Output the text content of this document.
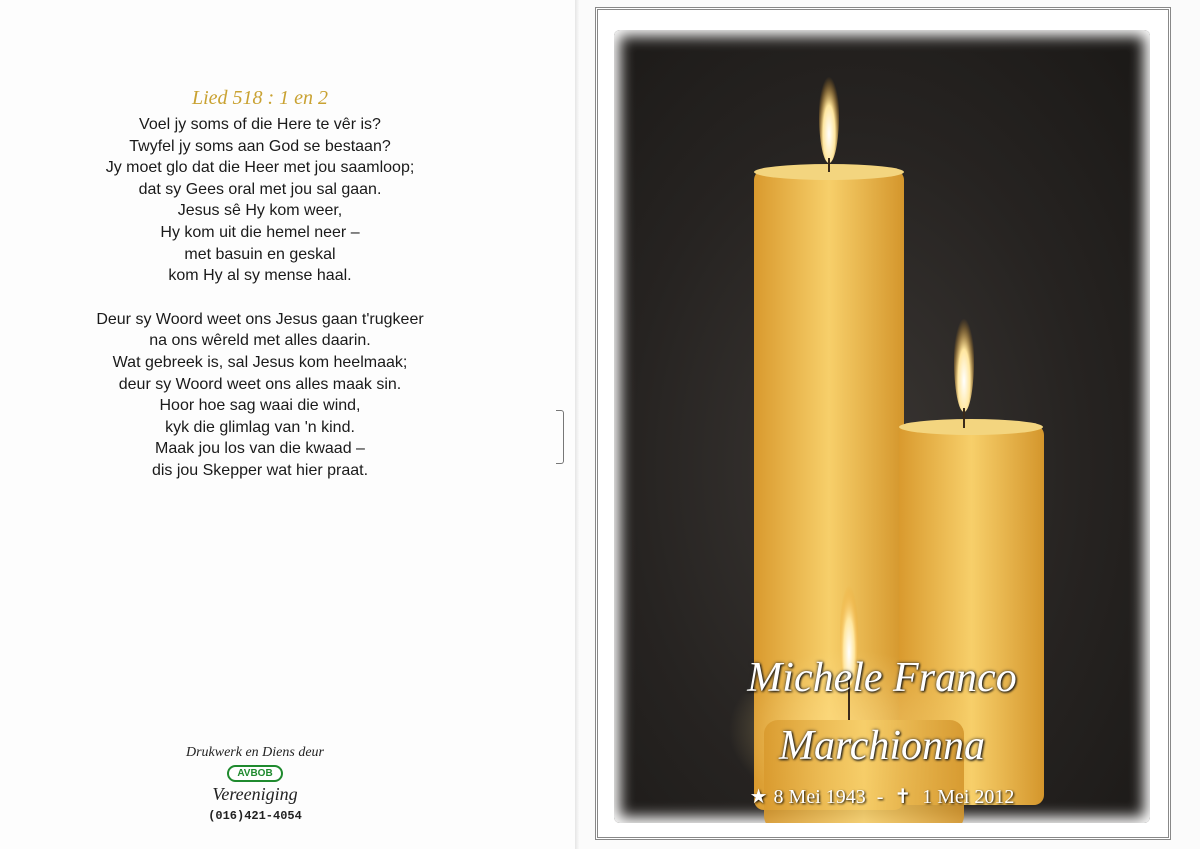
Lied 518 : 1 en 2
Voel jy soms of die Here te vêr is?
Twyfel jy soms aan God se bestaan?
Jy moet glo dat die Heer met jou saamloop;
dat sy Gees oral met jou sal gaan.
Jesus sê Hy kom weer,
Hy kom uit die hemel neer –
met basuin en geskal
kom Hy al sy mense haal.
Deur sy Woord weet ons Jesus gaan t'rugkeer
na ons wêreld met alles daarin.
Wat gebreek is, sal Jesus kom heelmaak;
deur sy Woord weet ons alles maak sin.
Hoor hoe sag waai die wind,
kyk die glimlag van 'n kind.
Maak jou los van die kwaad –
dis jou Skepper wat hier praat.
Drukwerk en Diens deur
AVBOB
Vereeniging
(016)421-4054
Michele Franco
Marchionna
★ 8 Mei 1943 - ✝ 1 Mei 2012
